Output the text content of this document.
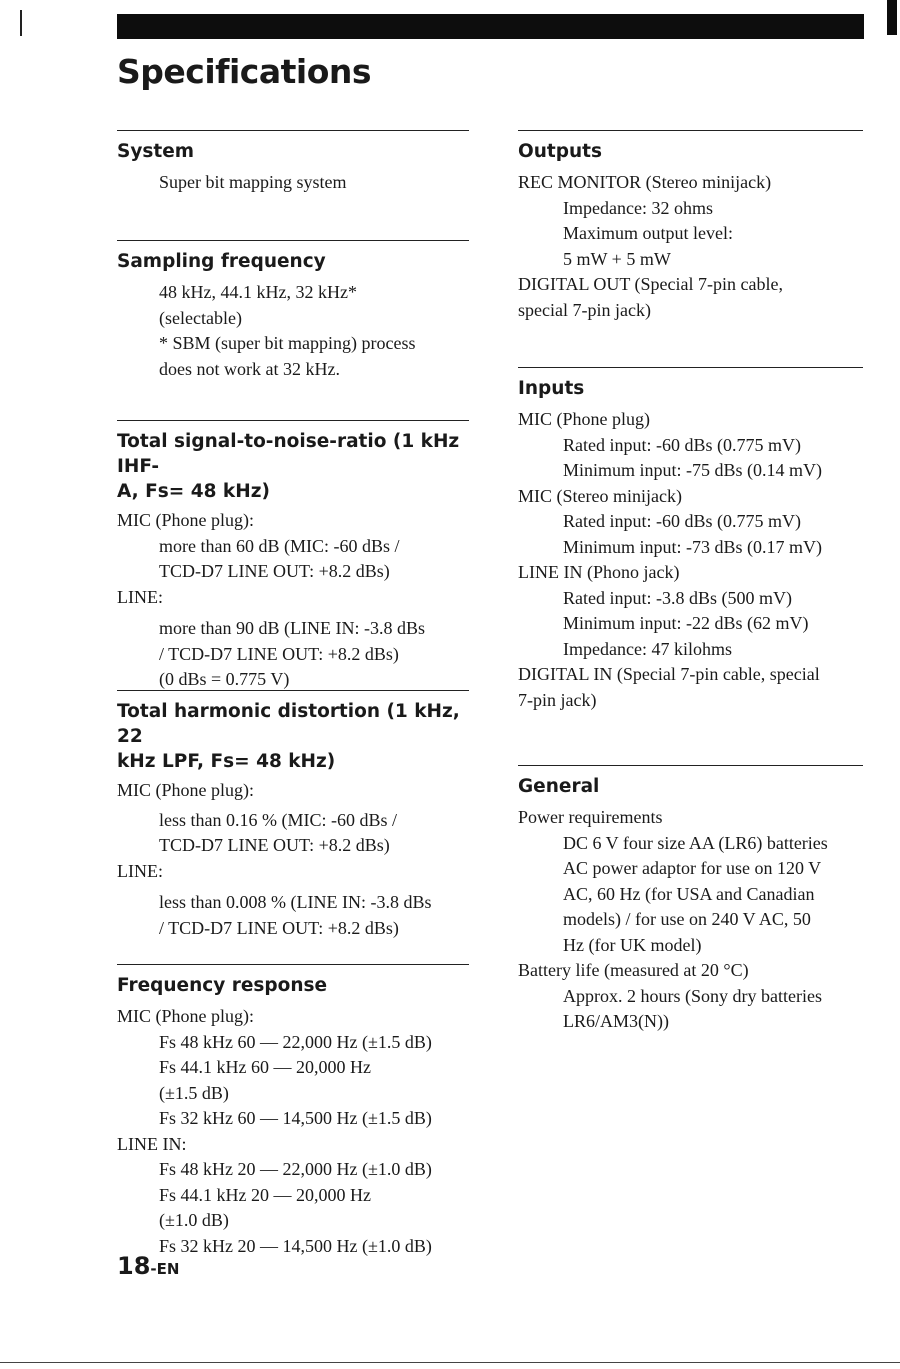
Specifications
System
Super bit mapping system
Sampling frequency
48 kHz, 44.1 kHz, 32 kHz*
(selectable)
* SBM (super bit mapping) process
does not work at 32 kHz.
Total signal-to-noise-ratio (1 kHz IHF-
A, Fs= 48 kHz)
MIC (Phone plug):
more than 60 dB (MIC: -60 dBs /
TCD-D7 LINE OUT: +8.2 dBs)
LINE:
more than 90 dB (LINE IN: -3.8 dBs
/ TCD-D7 LINE OUT: +8.2 dBs)
(0 dBs = 0.775 V)
Total harmonic distortion (1 kHz, 22
kHz LPF, Fs= 48 kHz)
MIC (Phone plug):
less than 0.16 % (MIC: -60 dBs /
TCD-D7 LINE OUT: +8.2 dBs)
LINE:
less than 0.008 % (LINE IN: -3.8 dBs
/ TCD-D7 LINE OUT: +8.2 dBs)
Frequency response
MIC (Phone plug):
Fs 48 kHz 60 — 22,000 Hz (±1.5 dB)
Fs 44.1 kHz 60 — 20,000 Hz
(±1.5 dB)
Fs 32 kHz 60 — 14,500 Hz (±1.5 dB)
LINE IN:
Fs 48 kHz 20 — 22,000 Hz (±1.0 dB)
Fs 44.1 kHz 20 — 20,000 Hz
(±1.0 dB)
Fs 32 kHz 20 — 14,500 Hz (±1.0 dB)
Outputs
REC MONITOR (Stereo minijack)
Impedance: 32 ohms
Maximum output level:
5 mW + 5 mW
DIGITAL OUT (Special 7-pin cable,
special 7-pin jack)
Inputs
MIC (Phone plug)
Rated input: -60 dBs (0.775 mV)
Minimum input: -75 dBs (0.14 mV)
MIC (Stereo minijack)
Rated input: -60 dBs (0.775 mV)
Minimum input: -73 dBs (0.17 mV)
LINE IN (Phono jack)
Rated input: -3.8 dBs (500 mV)
Minimum input: -22 dBs (62 mV)
Impedance: 47 kilohms
DIGITAL IN (Special 7-pin cable, special
7-pin jack)
General
Power requirements
DC 6 V four size AA (LR6) batteries
AC power adaptor for use on 120 V
AC, 60 Hz (for USA and Canadian
models) / for use on 240 V AC, 50
Hz (for UK model)
Battery life (measured at 20 °C)
Approx. 2 hours (Sony dry batteries
LR6/AM3(N))
18-EN
